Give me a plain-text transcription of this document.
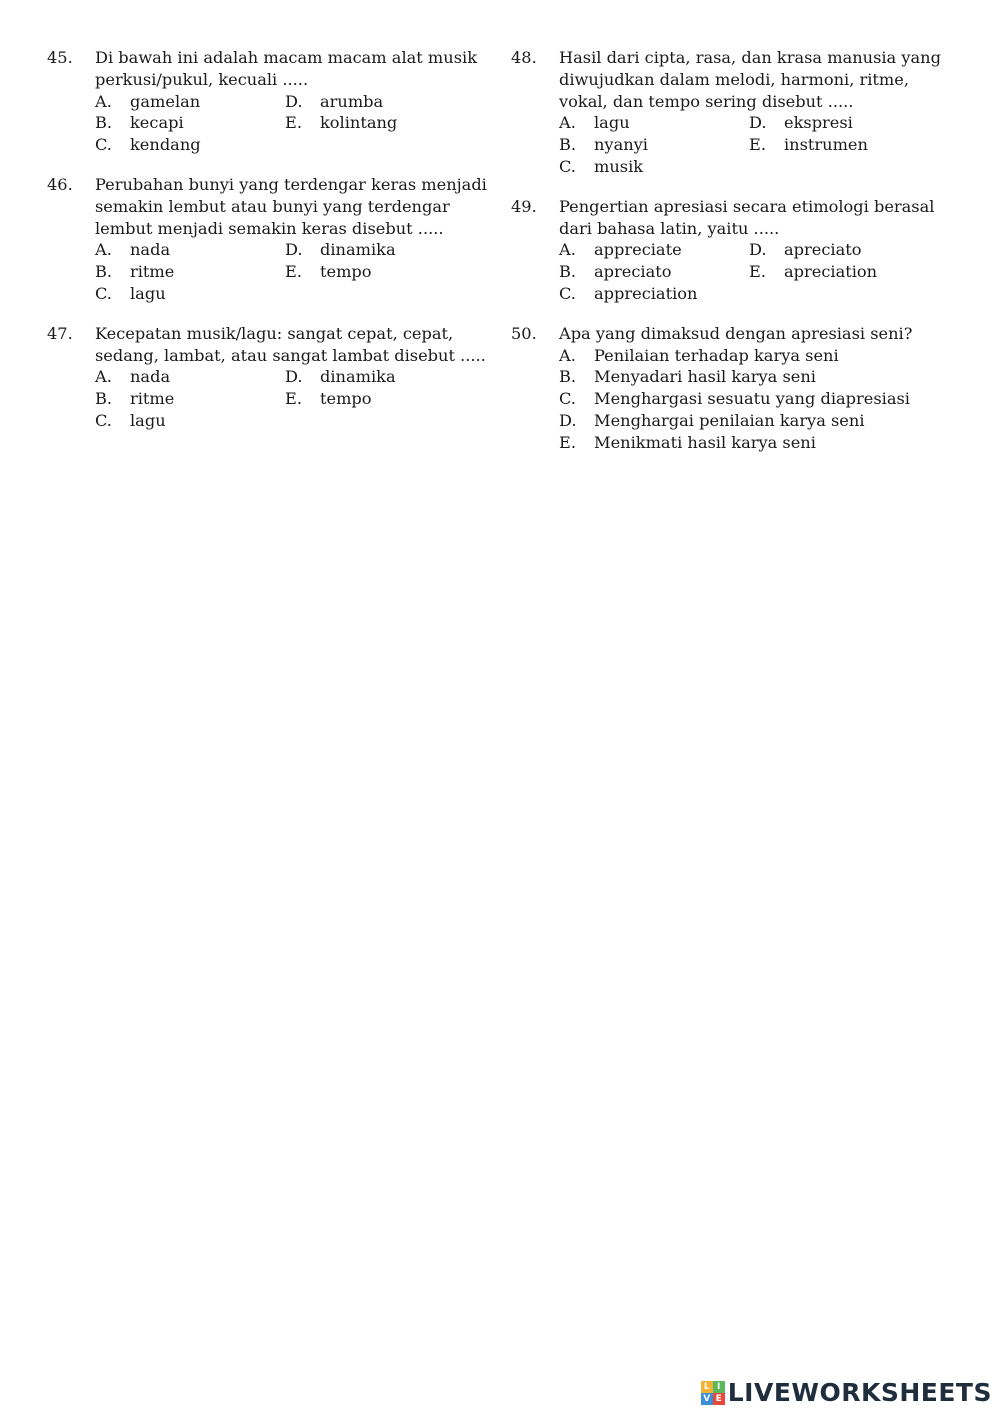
45. Di bawah ini adalah macam macam alat musik perkusi/pukul, kecuali .....
A.	gamelan	D.	arumba
B.	kecapi	E.	kolintang
C.	kendang
46. Perubahan bunyi yang terdengar keras menjadi semakin lembut atau bunyi yang terdengar lembut menjadi semakin keras disebut .....
A.	nada	D.	dinamika
B.	ritme	E.	tempo
C.	lagu
47. Kecepatan musik/lagu: sangat cepat, cepat, sedang, lambat, atau sangat lambat disebut .....
A.	nada	D.	dinamika
B.	ritme	E.	tempo
C.	lagu
48. Hasil dari cipta, rasa, dan krasa manusia yang diwujudkan dalam melodi, harmoni, ritme, vokal, dan tempo sering disebut .....
A.	lagu	D.	ekspresi
B.	nyanyi	E.	instrumen
C.	musik
49. Pengertian apresiasi secara etimologi berasal dari bahasa latin, yaitu .....
A.	appreciate	D.	apreciato
B.	apreciato	E.	apreciation
C.	appreciation
50. Apa yang dimaksud dengan apresiasi seni?
A.	Penilaian terhadap karya seni
B.	Menyadari hasil karya seni
C.	Menghargasi sesuatu yang diapresiasi
D.	Menghargai penilaian karya seni
E.	Menikmati hasil karya seni
L I
V E LIVEWORKSHEETS
